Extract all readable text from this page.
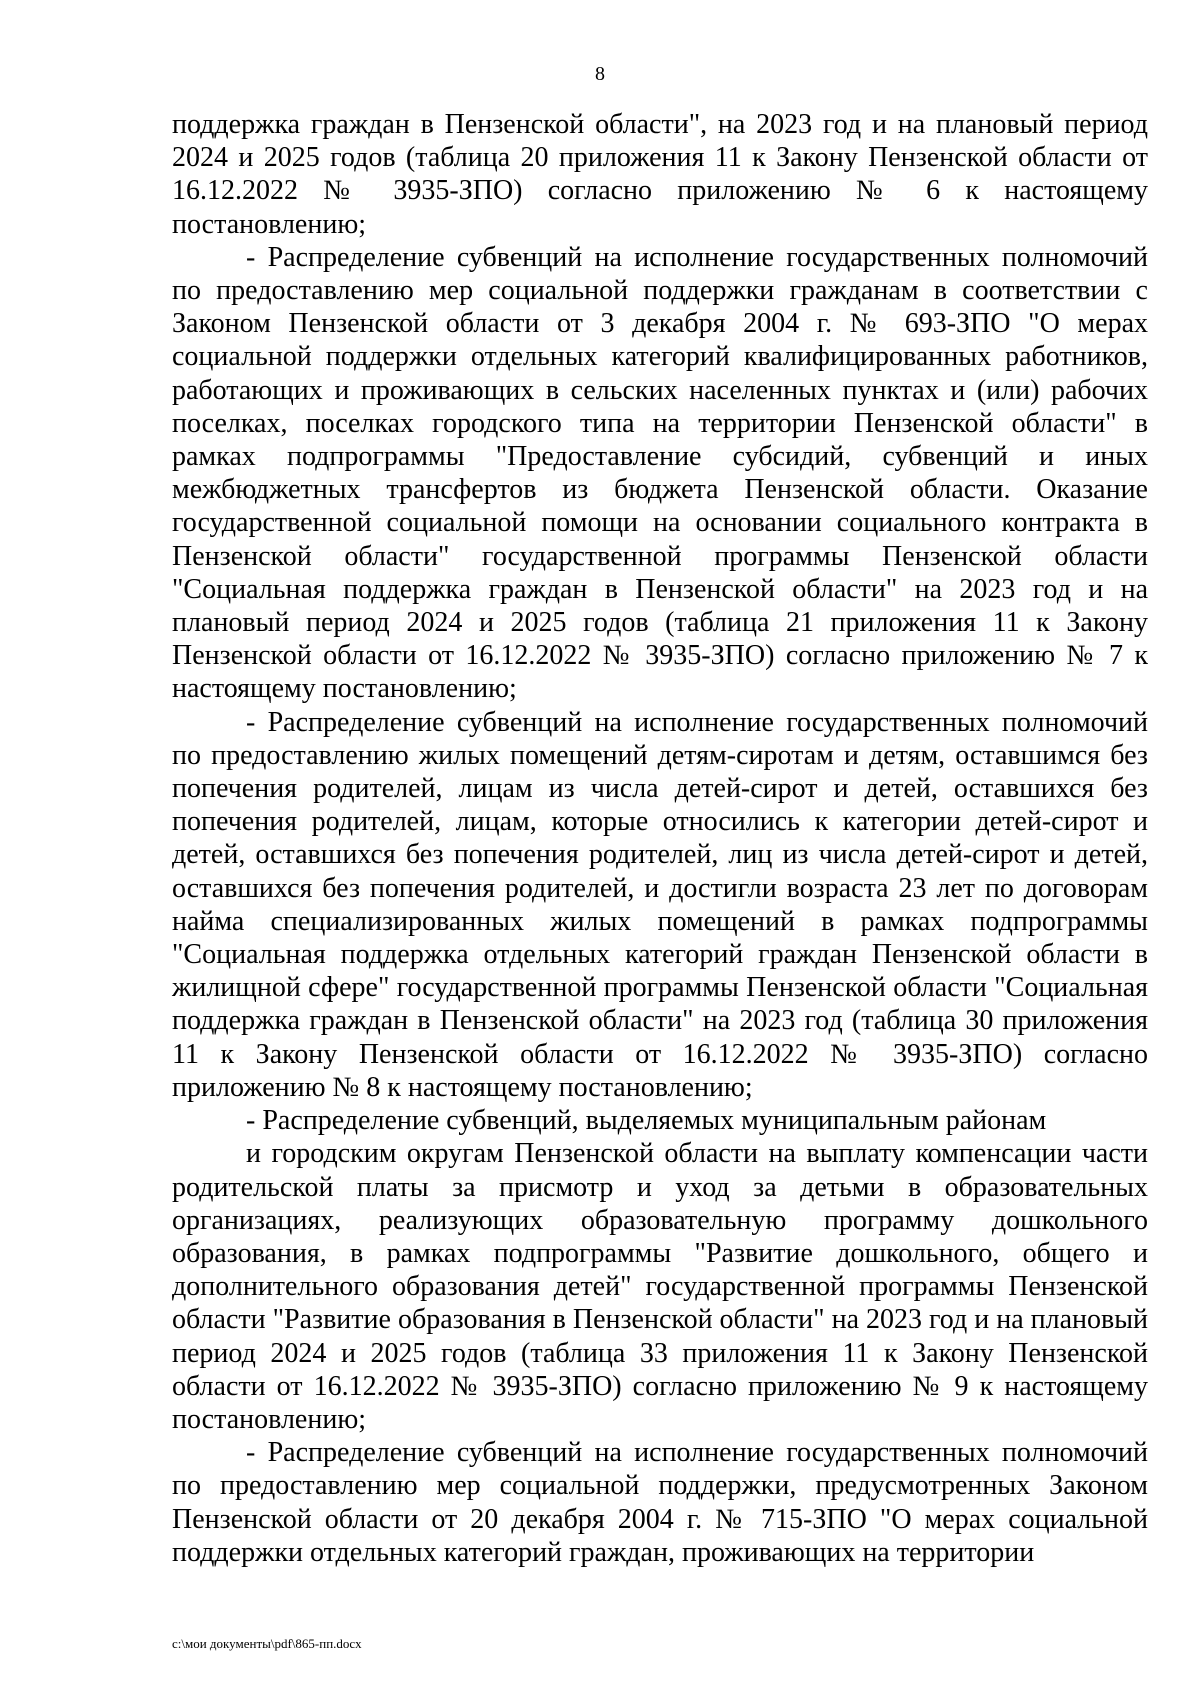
8

поддержка граждан в Пензенской области", на 2023 год и на плановый период 2024 и 2025 годов (таблица 20 приложения 11 к Закону Пензенской области от 16.12.2022 № 3935-ЗПО) согласно приложению № 6 к настоящему постановлению;

- Распределение субвенций на исполнение государственных полномочий по предоставлению мер социальной поддержки гражданам в соответствии с Законом Пензенской области от 3 декабря 2004 г. № 693-ЗПО "О мерах социальной поддержки отдельных категорий квалифицированных работников, работающих и проживающих в сельских населенных пунктах и (или) рабочих поселках, поселках городского типа на территории Пензенской области" в рамках подпрограммы "Предоставление субсидий, субвенций и иных межбюджетных трансфертов из бюджета Пензенской области. Оказание государственной социальной помощи на основании социального контракта в Пензенской области" государственной программы Пензенской области "Социальная поддержка граждан в Пензенской области" на 2023 год и на плановый период 2024 и 2025 годов (таблица 21 приложения 11 к Закону Пензенской области от 16.12.2022 № 3935-ЗПО) согласно приложению № 7 к настоящему постановлению;

- Распределение субвенций на исполнение государственных полномочий по предоставлению жилых помещений детям-сиротам и детям, оставшимся без попечения родителей, лицам из числа детей-сирот и детей, оставшихся без попечения родителей, лицам, которые относились к категории детей-сирот и детей, оставшихся без попечения родителей, лиц из числа детей-сирот и детей, оставшихся без попечения родителей, и достигли возраста 23 лет по договорам найма специализированных жилых помещений в рамках подпрограммы "Социальная поддержка отдельных категорий граждан Пензенской области в жилищной сфере" государственной программы Пензенской области "Социальная поддержка граждан в Пензенской области" на 2023 год (таблица 30 приложения 11 к Закону Пензенской области от 16.12.2022 № 3935-ЗПО) согласно приложению № 8 к настоящему постановлению;

- Распределение субвенций, выделяемых муниципальным районам

и городским округам Пензенской области на выплату компенсации части родительской платы за присмотр и уход за детьми в образовательных организациях, реализующих образовательную программу дошкольного образования, в рамках подпрограммы "Развитие дошкольного, общего и дополнительного образования детей" государственной программы Пензенской области "Развитие образования в Пензенской области" на 2023 год и на плановый период 2024 и 2025 годов (таблица 33 приложения 11 к Закону Пензенской области от 16.12.2022 № 3935-ЗПО) согласно приложению № 9 к настоящему постановлению;

- Распределение субвенций на исполнение государственных полномочий по предоставлению мер социальной поддержки, предусмотренных Законом Пензенской области от 20 декабря 2004 г. № 715-ЗПО "О мерах социальной поддержки отдельных категорий граждан, проживающих на территории

c:\мои документы\pdf\865-пп.docx
